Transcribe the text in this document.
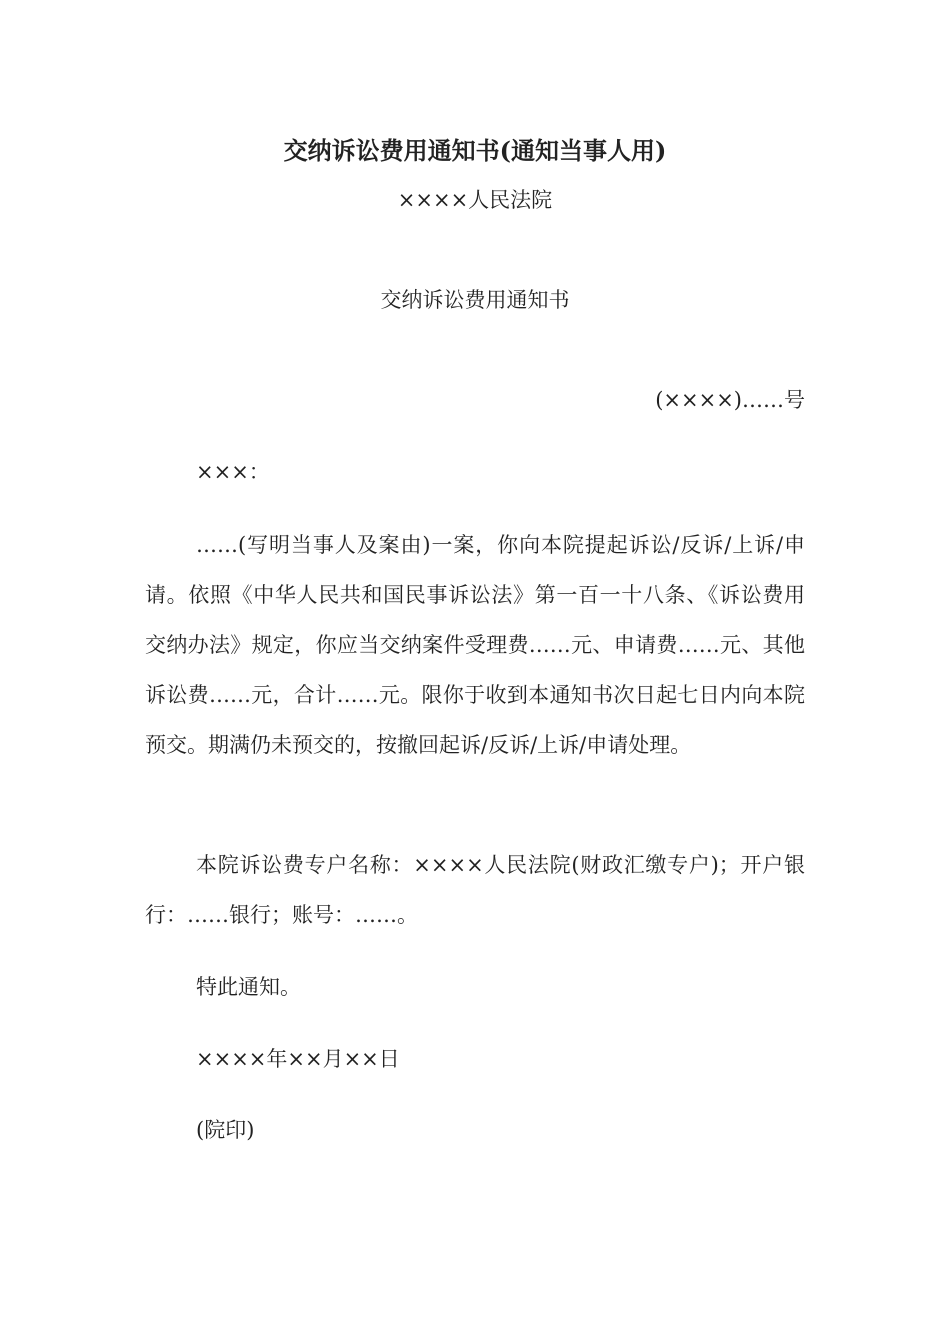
交纳诉讼费用通知书(通知当事人用)
××××人民法院
交纳诉讼费用通知书
(××××)……号
×××：

……(写明当事人及案由)一案，你向本院提起诉讼/反诉/上诉/申请。依照《中华人民共和国民事诉讼法》第一百一十八条、《诉讼费用交纳办法》规定，你应当交纳案件受理费……元、申请费……元、其他诉讼费……元，合计……元。限你于收到本通知书次日起七日内向本院预交。期满仍未预交的，按撤回起诉/反诉/上诉/申请处理。

本院诉讼费专户名称：××××人民法院(财政汇缴专户)；开户银行：……银行；账号：……。

特此通知。
××××年××月××日
(院印)
